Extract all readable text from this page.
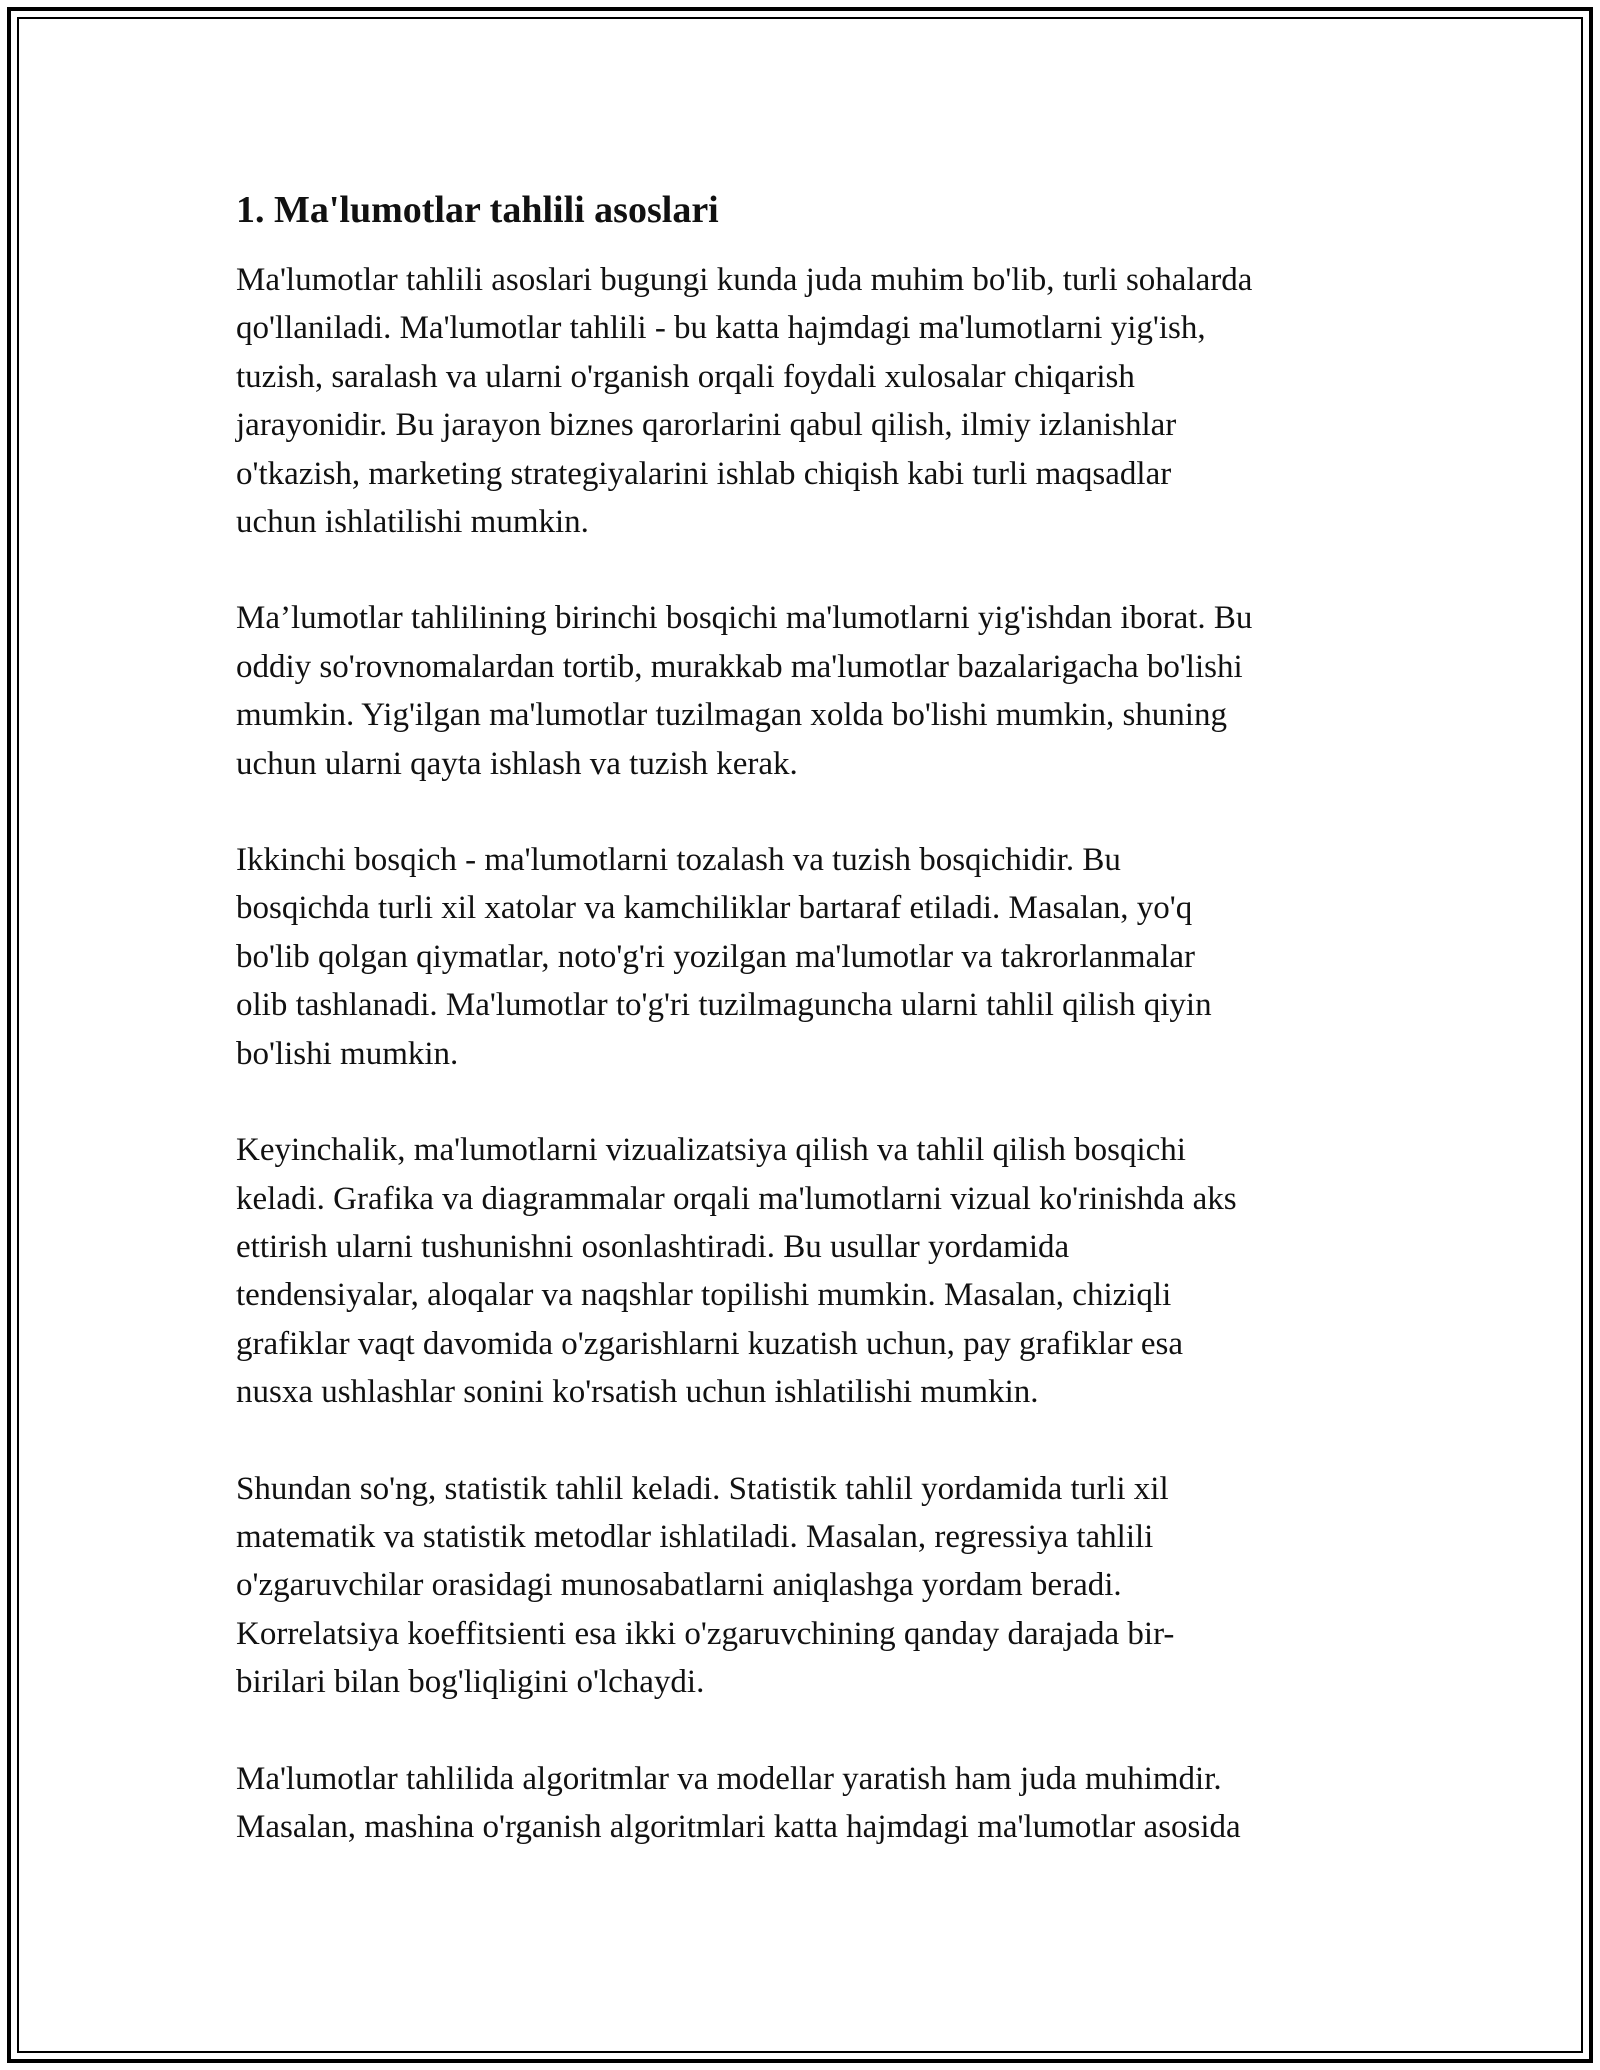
1. Ma'lumotlar tahlili asoslari
Ma'lumotlar tahlili asoslari bugungi kunda juda muhim bo'lib, turli sohalarda
qo'llaniladi. Ma'lumotlar tahlili - bu katta hajmdagi ma'lumotlarni yig'ish,
tuzish, saralash va ularni o'rganish orqali foydali xulosalar chiqarish
jarayonidir. Bu jarayon biznes qarorlarini qabul qilish, ilmiy izlanishlar
o'tkazish, marketing strategiyalarini ishlab chiqish kabi turli maqsadlar
uchun ishlatilishi mumkin.
Ma’lumotlar tahlilining birinchi bosqichi ma'lumotlarni yig'ishdan iborat. Bu
oddiy so'rovnomalardan tortib, murakkab ma'lumotlar bazalarigacha bo'lishi
mumkin. Yig'ilgan ma'lumotlar tuzilmagan xolda bo'lishi mumkin, shuning
uchun ularni qayta ishlash va tuzish kerak.
Ikkinchi bosqich - ma'lumotlarni tozalash va tuzish bosqichidir. Bu
bosqichda turli xil xatolar va kamchiliklar bartaraf etiladi. Masalan, yo'q
bo'lib qolgan qiymatlar, noto'g'ri yozilgan ma'lumotlar va takrorlanmalar
olib tashlanadi. Ma'lumotlar to'g'ri tuzilmaguncha ularni tahlil qilish qiyin
bo'lishi mumkin.
Keyinchalik, ma'lumotlarni vizualizatsiya qilish va tahlil qilish bosqichi
keladi. Grafika va diagrammalar orqali ma'lumotlarni vizual ko'rinishda aks
ettirish ularni tushunishni osonlashtiradi. Bu usullar yordamida
tendensiyalar, aloqalar va naqshlar topilishi mumkin. Masalan, chiziqli
grafiklar vaqt davomida o'zgarishlarni kuzatish uchun, pay grafiklar esa
nusxa ushlashlar sonini ko'rsatish uchun ishlatilishi mumkin.
Shundan so'ng, statistik tahlil keladi. Statistik tahlil yordamida turli xil
matematik va statistik metodlar ishlatiladi. Masalan, regressiya tahlili
o'zgaruvchilar orasidagi munosabatlarni aniqlashga yordam beradi.
Korrelatsiya koeffitsienti esa ikki o'zgaruvchining qanday darajada bir-
birilari bilan bog'liqligini o'lchaydi.
Ma'lumotlar tahlilida algoritmlar va modellar yaratish ham juda muhimdir.
Masalan, mashina o'rganish algoritmlari katta hajmdagi ma'lumotlar asosida
